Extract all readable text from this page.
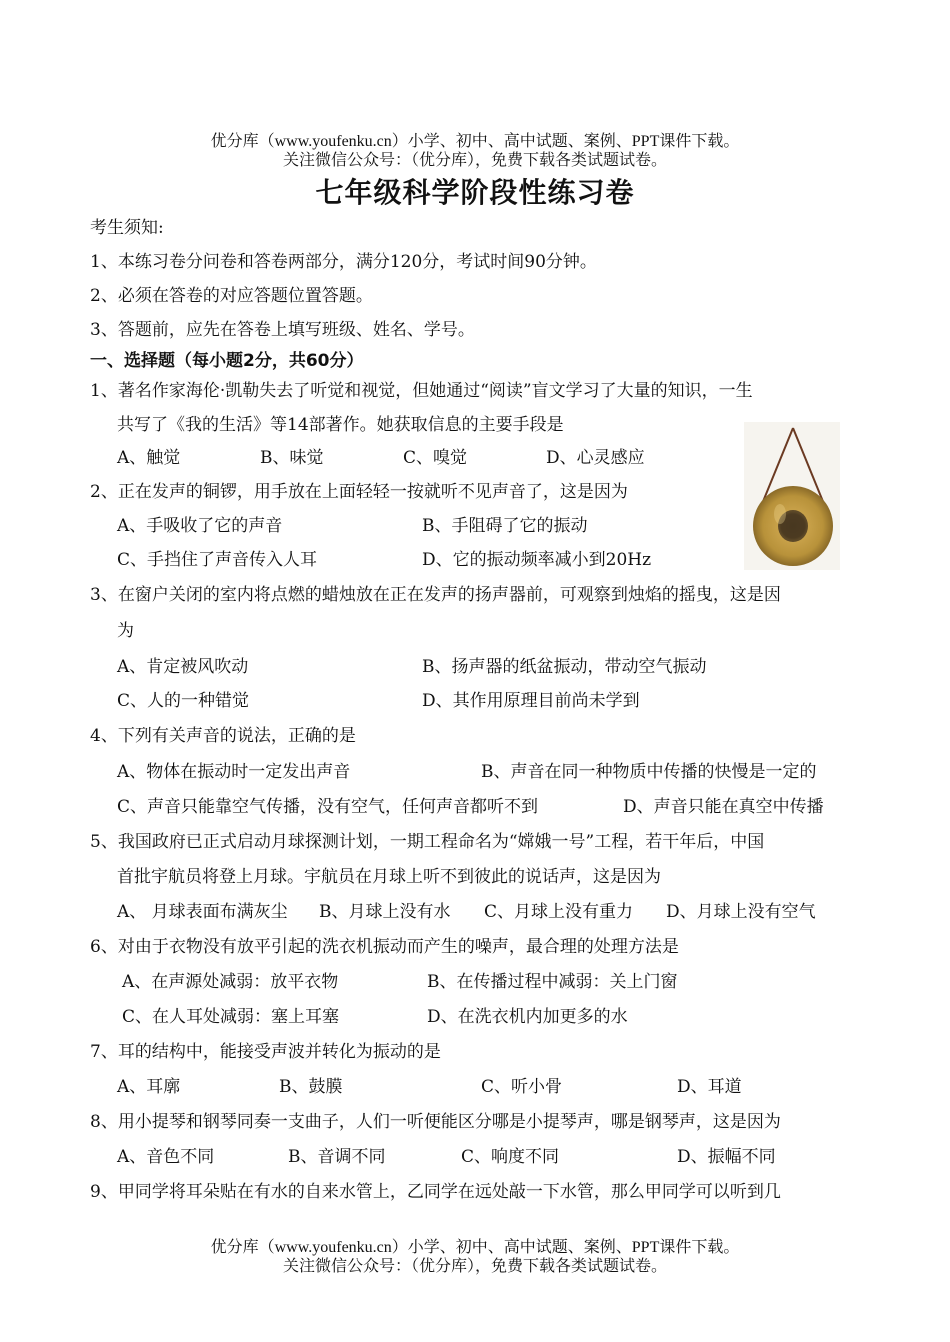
优分库（www.youfenku.cn）小学、初中、高中试题、案例、PPT课件下载。
关注微信公众号：（优分库），免费下载各类试题试卷。
七年级科学阶段性练习卷
考生须知:
1、本练习卷分问卷和答卷两部分，满分120分，考试时间90分钟。
2、必须在答卷的对应答题位置答题。
3、答题前，应先在答卷上填写班级、姓名、学号。
一、选择题（每小题2分，共60分）
1、著名作家海伦·凯勒失去了听觉和视觉，但她通过“阅读”盲文学习了大量的知识，一生
共写了《我的生活》等14部著作。她获取信息的主要手段是
A、触觉	B、味觉	C、嗅觉	D、心灵感应
2、正在发声的铜锣，用手放在上面轻轻一按就听不见声音了，这是因为
A、手吸收了它的声音	B、手阻碍了它的振动
C、手挡住了声音传入人耳	D、它的振动频率减小到20Hz
3、在窗户关闭的室内将点燃的蜡烛放在正在发声的扬声器前，可观察到烛焰的摇曳，这是因
为
A、肯定被风吹动	B、扬声器的纸盆振动，带动空气振动
C、人的一种错觉	D、其作用原理目前尚未学到
4、下列有关声音的说法，正确的是
A、物体在振动时一定发出声音	B、声音在同一种物质中传播的快慢是一定的
C、声音只能靠空气传播，没有空气，任何声音都听不到	D、声音只能在真空中传播
5、我国政府已正式启动月球探测计划，一期工程命名为“嫦娥一号”工程，若干年后，中国
首批宇航员将登上月球。宇航员在月球上听不到彼此的说话声，这是因为
A、 月球表面布满灰尘 B、月球上没有水 C、月球上没有重力 D、月球上没有空气
6、对由于衣物没有放平引起的洗衣机振动而产生的噪声，最合理的处理方法是
A、在声源处减弱：放平衣物	B、在传播过程中减弱：关上门窗
C、在人耳处减弱：塞上耳塞	D、在洗衣机内加更多的水
7、耳的结构中，能接受声波并转化为振动的是
A、耳廓	B、鼓膜	C、听小骨	D、耳道
8、用小提琴和钢琴同奏一支曲子，人们一听便能区分哪是小提琴声，哪是钢琴声，这是因为
A、音色不同	B、音调不同	C、响度不同	D、振幅不同
9、甲同学将耳朵贴在有水的自来水管上，乙同学在远处敲一下水管，那么甲同学可以听到几
优分库（www.youfenku.cn）小学、初中、高中试题、案例、PPT课件下载。
关注微信公众号：（优分库），免费下载各类试题试卷。
